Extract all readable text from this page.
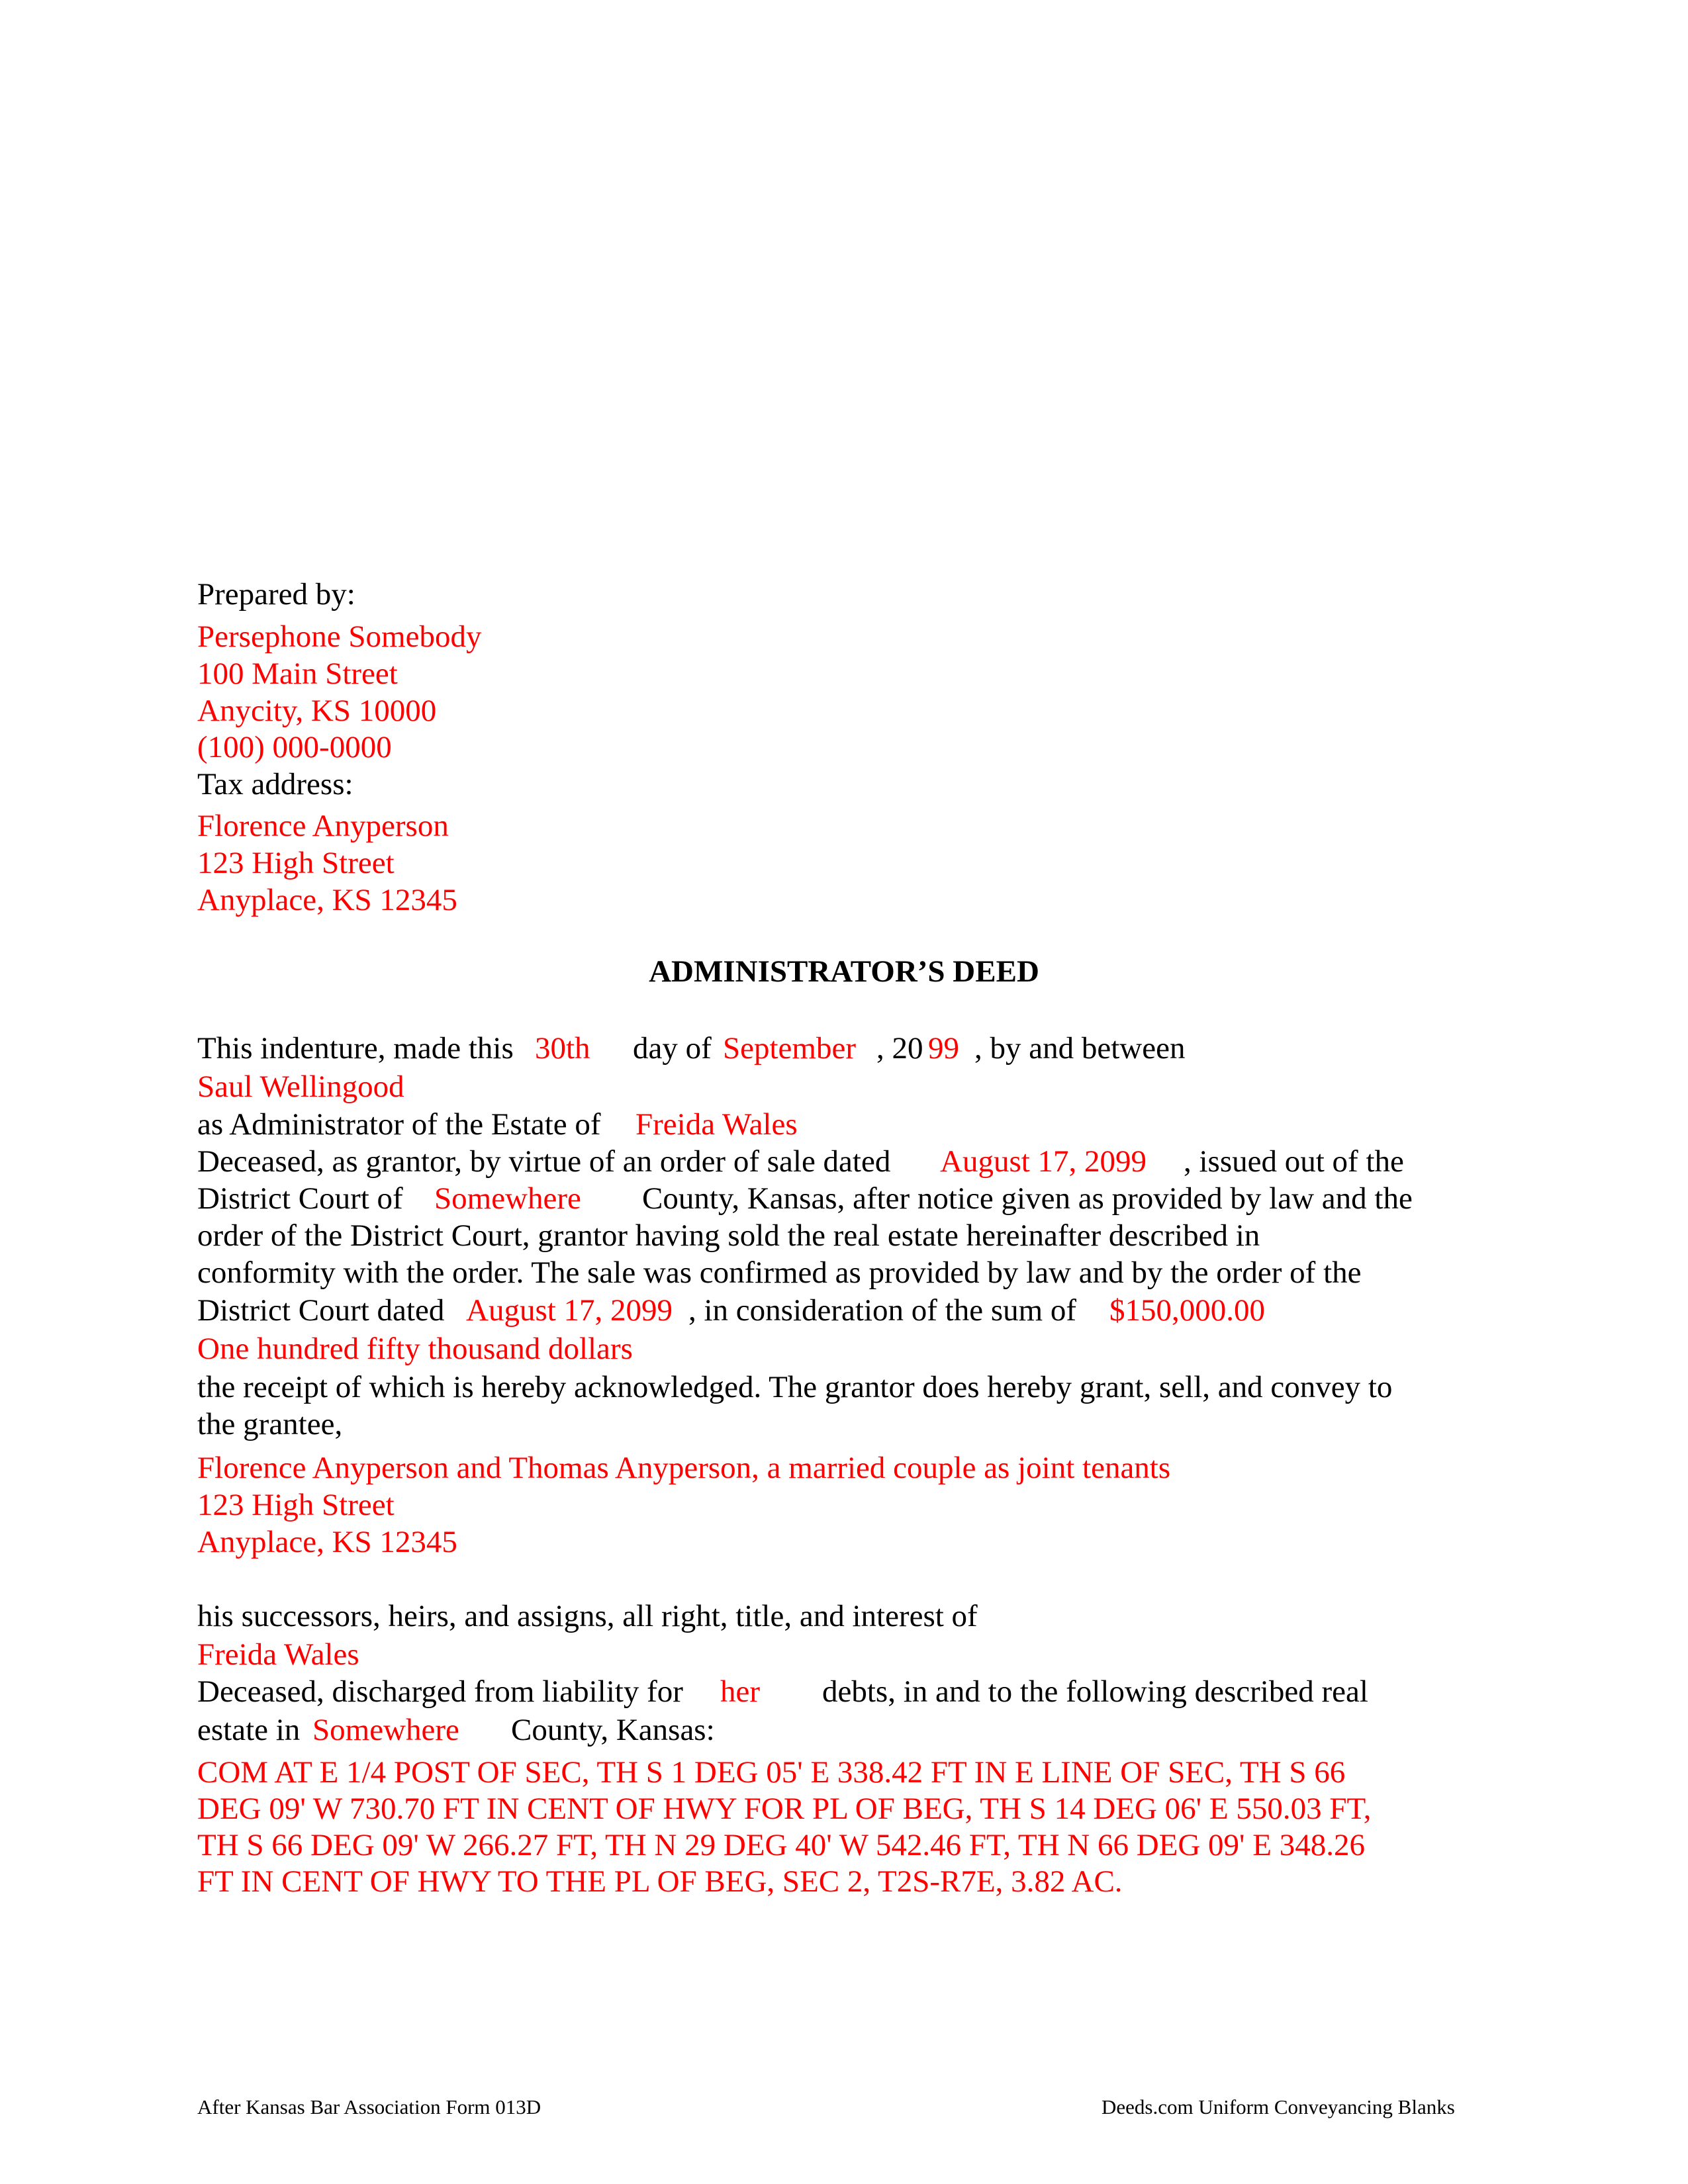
Prepared by:
Persephone Somebody
100 Main Street
Anycity, KS 10000
(100) 000-0000
Tax address:
Florence Anyperson
123 High Street
Anyplace, KS 12345
ADMINISTRATOR’S DEED
This indenture, made this 30th day of September , 20 99 , by and between
Saul Wellingood
as Administrator of the Estate of Freida Wales
Deceased, as grantor, by virtue of an order of sale dated August 17, 2099 , issued out of the
District Court of Somewhere County, Kansas, after notice given as provided by law and the
order of the District Court, grantor having sold the real estate hereinafter described in
conformity with the order. The sale was confirmed as provided by law and by the order of the
District Court dated August 17, 2099 , in consideration of the sum of $150,000.00
One hundred fifty thousand dollars
the receipt of which is hereby acknowledged. The grantor does hereby grant, sell, and convey to
the grantee,
Florence Anyperson and Thomas Anyperson, a married couple as joint tenants
123 High Street
Anyplace, KS 12345
his successors, heirs, and assigns, all right, title, and interest of
Freida Wales
Deceased, discharged from liability for her debts, in and to the following described real
estate in Somewhere County, Kansas:
COM AT E 1/4 POST OF SEC, TH S 1 DEG 05' E 338.42 FT IN E LINE OF SEC, TH S 66
DEG 09' W 730.70 FT IN CENT OF HWY FOR PL OF BEG, TH S 14 DEG 06' E 550.03 FT,
TH S 66 DEG 09' W 266.27 FT, TH N 29 DEG 40' W 542.46 FT, TH N 66 DEG 09' E 348.26
FT IN CENT OF HWY TO THE PL OF BEG, SEC 2, T2S-R7E, 3.82 AC.
After Kansas Bar Association Form 013D	Deeds.com Uniform Conveyancing Blanks
